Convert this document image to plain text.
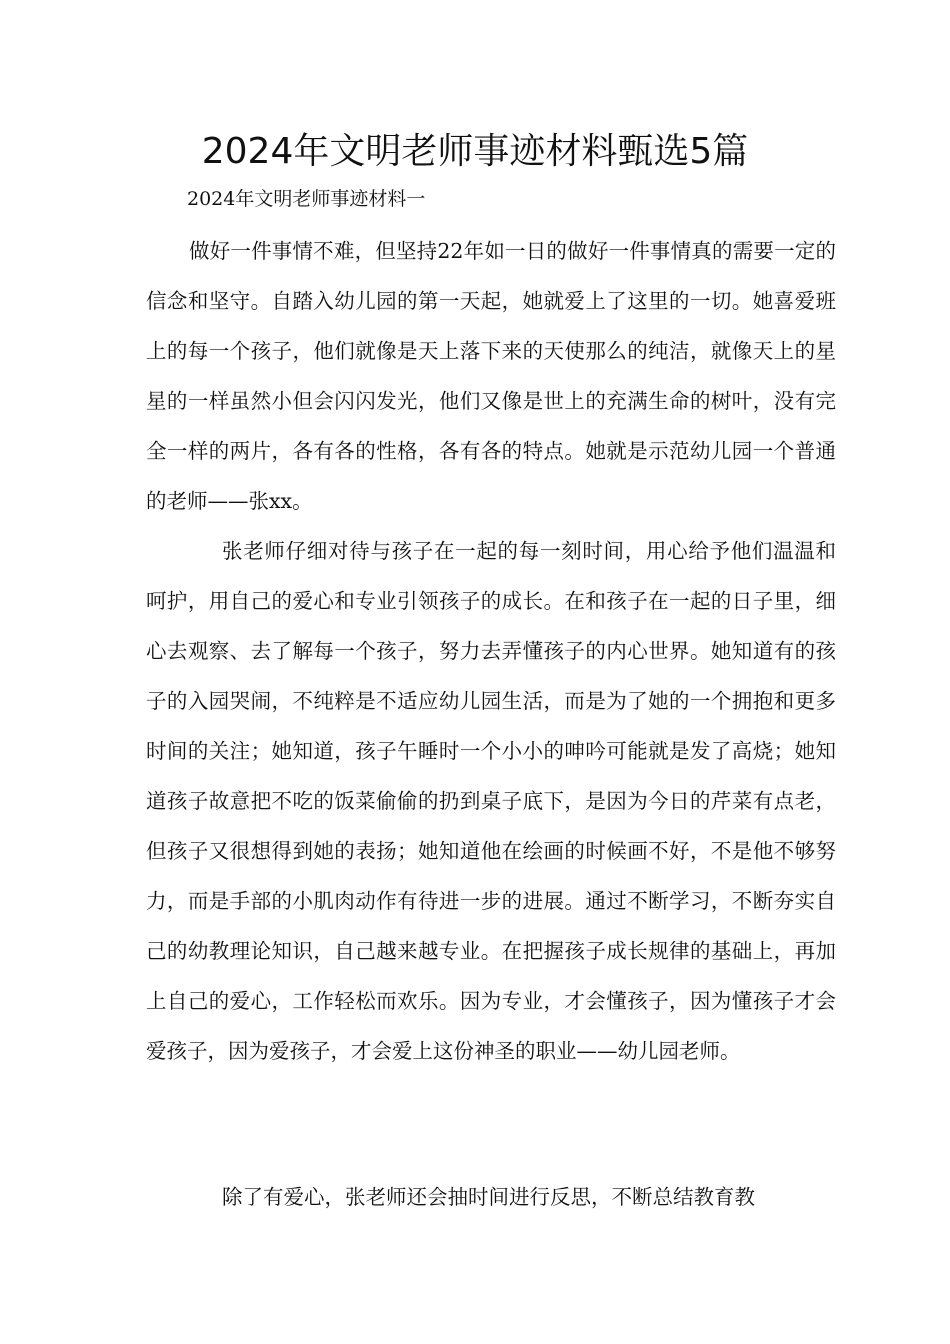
2024年文明老师事迹材料甄选5篇

2024年文明老师事迹材料一

做好一件事情不难，但坚持22年如一日的做好一件事情真的需要一定的信念和坚守。自踏入幼儿园的第一天起，她就爱上了这里的一切。她喜爱班上的每一个孩子，他们就像是天上落下来的天使那么的纯洁，就像天上的星星的一样虽然小但会闪闪发光，他们又像是世上的充满生命的树叶，没有完全一样的两片，各有各的性格，各有各的特点。她就是示范幼儿园一个普通的老师——张xx。

张老师仔细对待与孩子在一起的每一刻时间，用心给予他们温温和呵护，用自己的爱心和专业引领孩子的成长。在和孩子在一起的日子里，细心去观察、去了解每一个孩子，努力去弄懂孩子的内心世界。她知道有的孩子的入园哭闹，不纯粹是不适应幼儿园生活，而是为了她的一个拥抱和更多时间的关注；她知道，孩子午睡时一个小小的呻吟可能就是发了高烧；她知道孩子故意把不吃的饭菜偷偷的扔到桌子底下，是因为今日的芹菜有点老，但孩子又很想得到她的表扬；她知道他在绘画的时候画不好，不是他不够努力，而是手部的小肌肉动作有待进一步的进展。通过不断学习，不断夯实自己的幼教理论知识，自己越来越专业。在把握孩子成长规律的基础上，再加上自己的爱心，工作轻松而欢乐。因为专业，才会懂孩子，因为懂孩子才会爱孩子，因为爱孩子，才会爱上这份神圣的职业——幼儿园老师。

除了有爱心，张老师还会抽时间进行反思，不断总结教育教
